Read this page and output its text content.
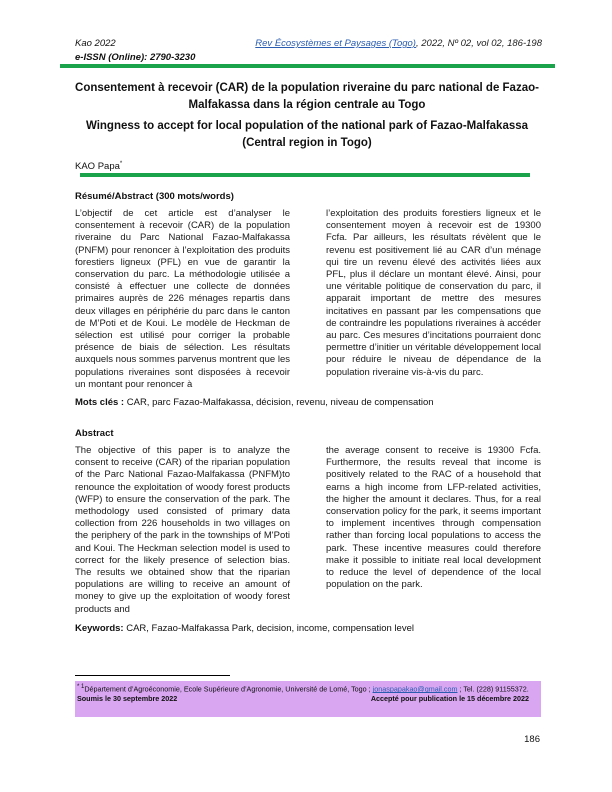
Kao 2022
e-ISSN (Online): 2790-3230
Rev Écosystèmes et Paysages (Togo), 2022, Nº 02, vol 02, 186-198
Consentement à recevoir (CAR) de la population riveraine du parc national de Fazao-Malfakassa dans la région centrale au Togo
Wingness to accept for local population of the national park of Fazao-Malfakassa (Central region in Togo)
KAO Papa*
Résumé/Abstract (300 mots/words)
L’objectif de cet article est d’analyser le consentement à recevoir (CAR) de la population riveraine du Parc National Fazao-Malfakassa (PNFM) pour renoncer à l’exploitation des produits forestiers ligneux (PFL) en vue de garantir la conservation du parc. La méthodologie utilisée a consisté à effectuer une collecte de données primaires auprès de 226 ménages repartis dans deux villages en périphérie du parc dans le canton de M’Poti et de Koui. Le modèle de Heckman de sélection est utilisé pour corriger la probable présence de biais de sélection. Les résultats auxquels nous sommes parvenus montrent que les populations riveraines sont disposées à recevoir un montant pour renoncer à
l’exploitation des produits forestiers ligneux et le consentement moyen à recevoir est de 19300 Fcfa. Par ailleurs, les résultats révèlent que le revenu est positivement lié au CAR d’un ménage qui tire un revenu élevé des activités liées aux PFL, plus il déclare un montant élevé. Ainsi, pour une véritable politique de conservation du parc, il apparait important de mettre des mesures incitatives en passant par les compensations que de contraindre les populations riveraines à accéder au parc. Ces mesures d’incitations pourraient donc permettre d’initier un véritable développement local pour réduire le niveau de dépendance de la population riveraine vis-à-vis du parc.
Mots clés : CAR, parc Fazao-Malfakassa, décision, revenu, niveau de compensation
Abstract
The objective of this paper is to analyze the consent to receive (CAR) of the riparian population of the Parc National Fazao-Malfakassa (PNFM)to renounce the exploitation of woody forest products (WFP) to ensure the conservation of the park. The methodology used consisted of primary data collection from 226 households in two villages on the periphery of the park in the townships of M'Poti and Koui. The Heckman selection model is used to correct for the likely presence of selection bias. The results we obtained show that the riparian populations are willing to receive an amount of money to give up the exploitation of woody forest products and
the average consent to receive is 19300 Fcfa. Furthermore, the results reveal that income is positively related to the RAC of a household that earns a high income from LFP-related activities, the higher the amount it declares. Thus, for a real conservation policy for the park, it seems important to implement incentives through compensation rather than forcing local populations to access the park. These incentive measures could therefore make it possible to initiate real local development to reduce the level of dependence of the local population on the park.
Keywords: CAR, Fazao-Malfakassa Park, decision, income, compensation level
$^{* 1}$Département d’Agroéconomie, Ecole Supérieure d’Agronomie, Université de Lomé, Togo ; jonaspapakao@gmail.com ; Tel. (228) 91155372.
Soumis le 30 septembre 2022	Accepté pour publication le 15 décembre 2022
186
